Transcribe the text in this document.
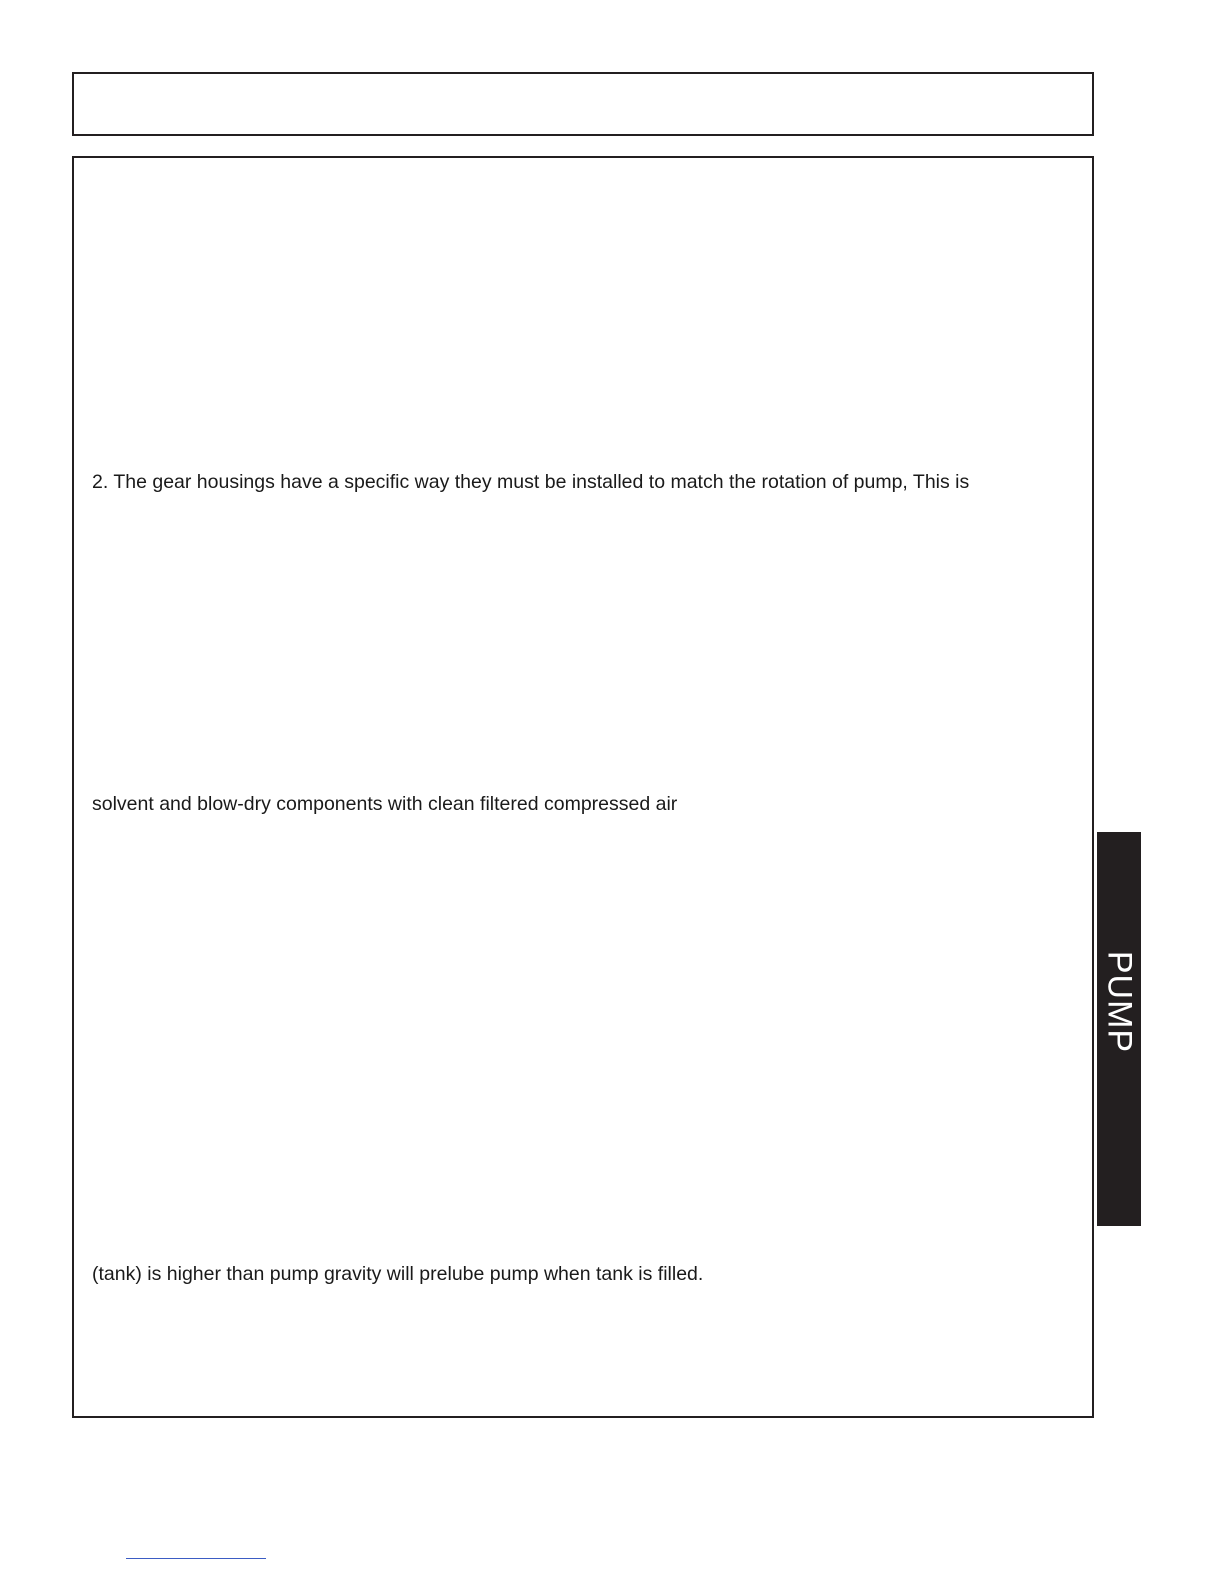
2. The gear housings have a specific way they must be installed to match the rotation of pump, This is
solvent and blow-dry components with clean filtered compressed air
(tank) is higher than pump gravity will prelube pump when tank is filled.
PUMP
